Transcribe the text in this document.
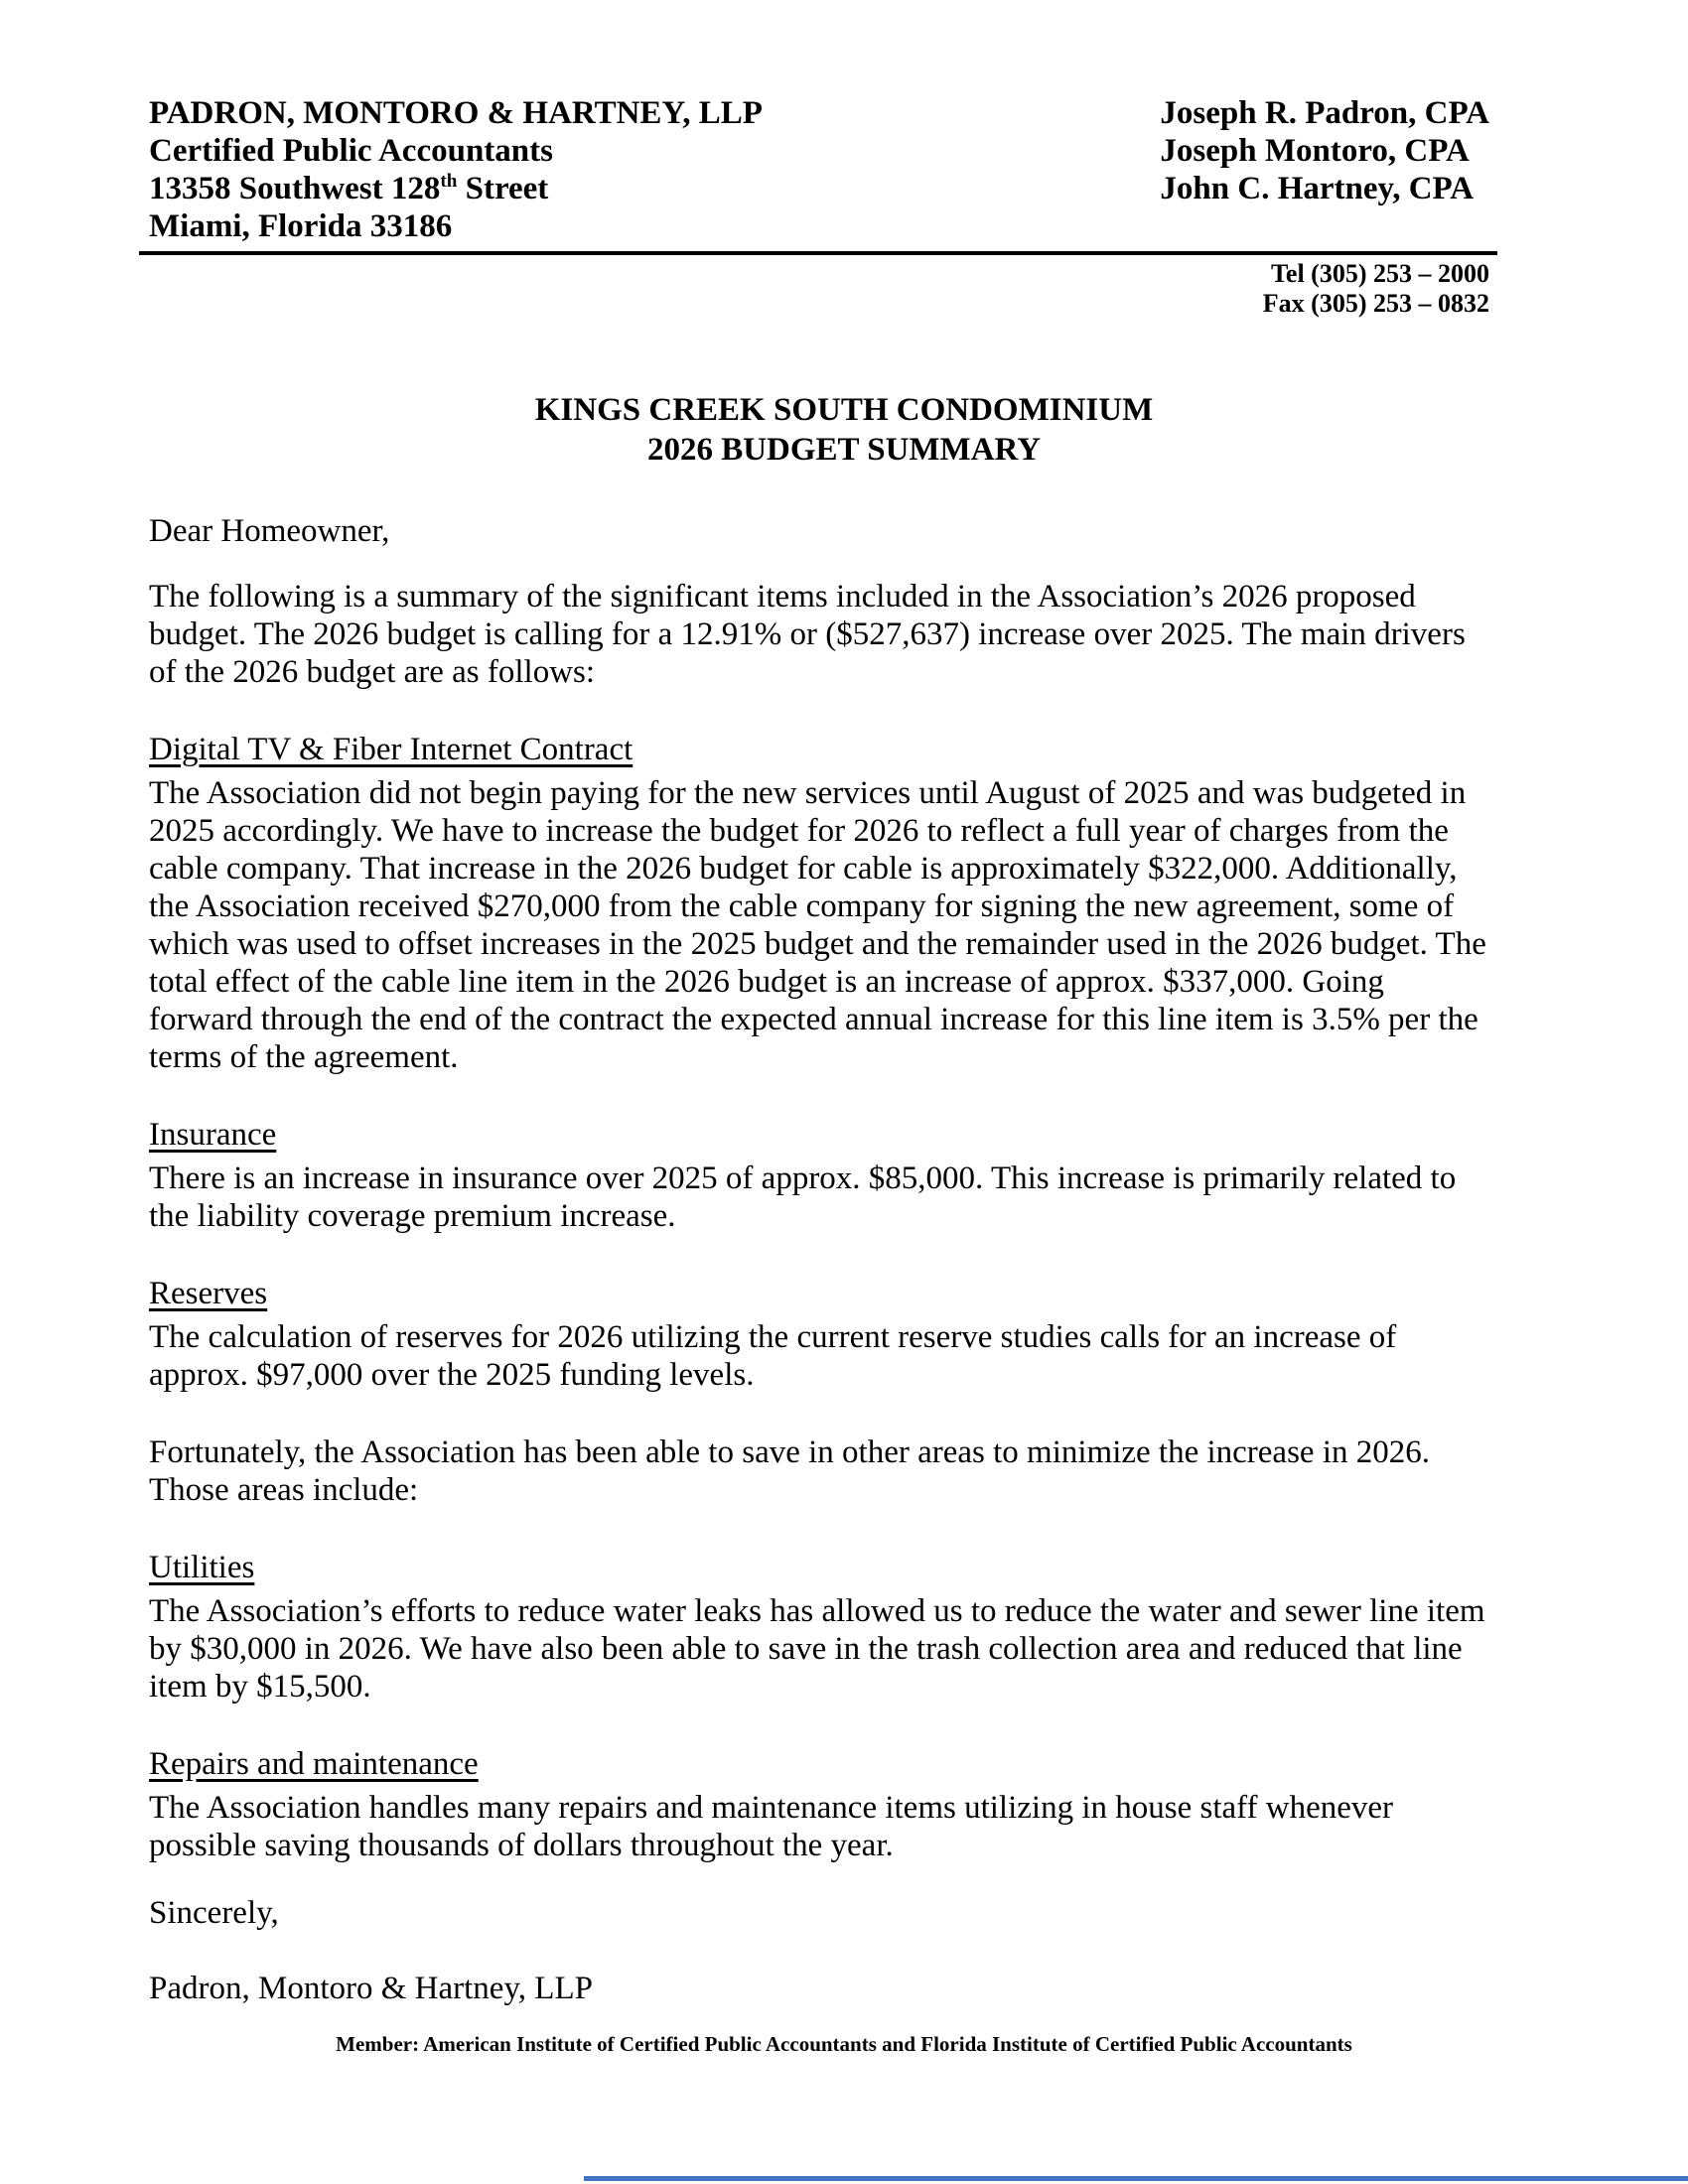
PADRON, MONTORO & HARTNEY, LLP
Certified Public Accountants
13358 Southwest 128th Street
Miami, Florida 33186
Joseph R. Padron, CPA
Joseph Montoro, CPA
John C. Hartney, CPA
Tel (305) 253 – 2000
Fax (305) 253 – 0832
KINGS CREEK SOUTH CONDOMINIUM
2026 BUDGET SUMMARY

Dear Homeowner,

The following is a summary of the significant items included in the Association’s 2026 proposed budget. The 2026 budget is calling for a 12.91% or ($527,637) increase over 2025. The main drivers of the 2026 budget are as follows:

Digital TV & Fiber Internet Contract

The Association did not begin paying for the new services until August of 2025 and was budgeted in 2025 accordingly. We have to increase the budget for 2026 to reflect a full year of charges from the cable company. That increase in the 2026 budget for cable is approximately $322,000. Additionally, the Association received $270,000 from the cable company for signing the new agreement, some of which was used to offset increases in the 2025 budget and the remainder used in the 2026 budget. The total effect of the cable line item in the 2026 budget is an increase of approx. $337,000. Going forward through the end of the contract the expected annual increase for this line item is 3.5% per the terms of the agreement.

Insurance

There is an increase in insurance over 2025 of approx. $85,000. This increase is primarily related to the liability coverage premium increase.

Reserves

The calculation of reserves for 2026 utilizing the current reserve studies calls for an increase of approx. $97,000 over the 2025 funding levels.

Fortunately, the Association has been able to save in other areas to minimize the increase in 2026. Those areas include:

Utilities

The Association’s efforts to reduce water leaks has allowed us to reduce the water and sewer line item by $30,000 in 2026. We have also been able to save in the trash collection area and reduced that line item by $15,500.

Repairs and maintenance

The Association handles many repairs and maintenance items utilizing in house staff whenever possible saving thousands of dollars throughout the year.

Sincerely,

Padron, Montoro & Hartney, LLP

Member: American Institute of Certified Public Accountants and Florida Institute of Certified Public Accountants
